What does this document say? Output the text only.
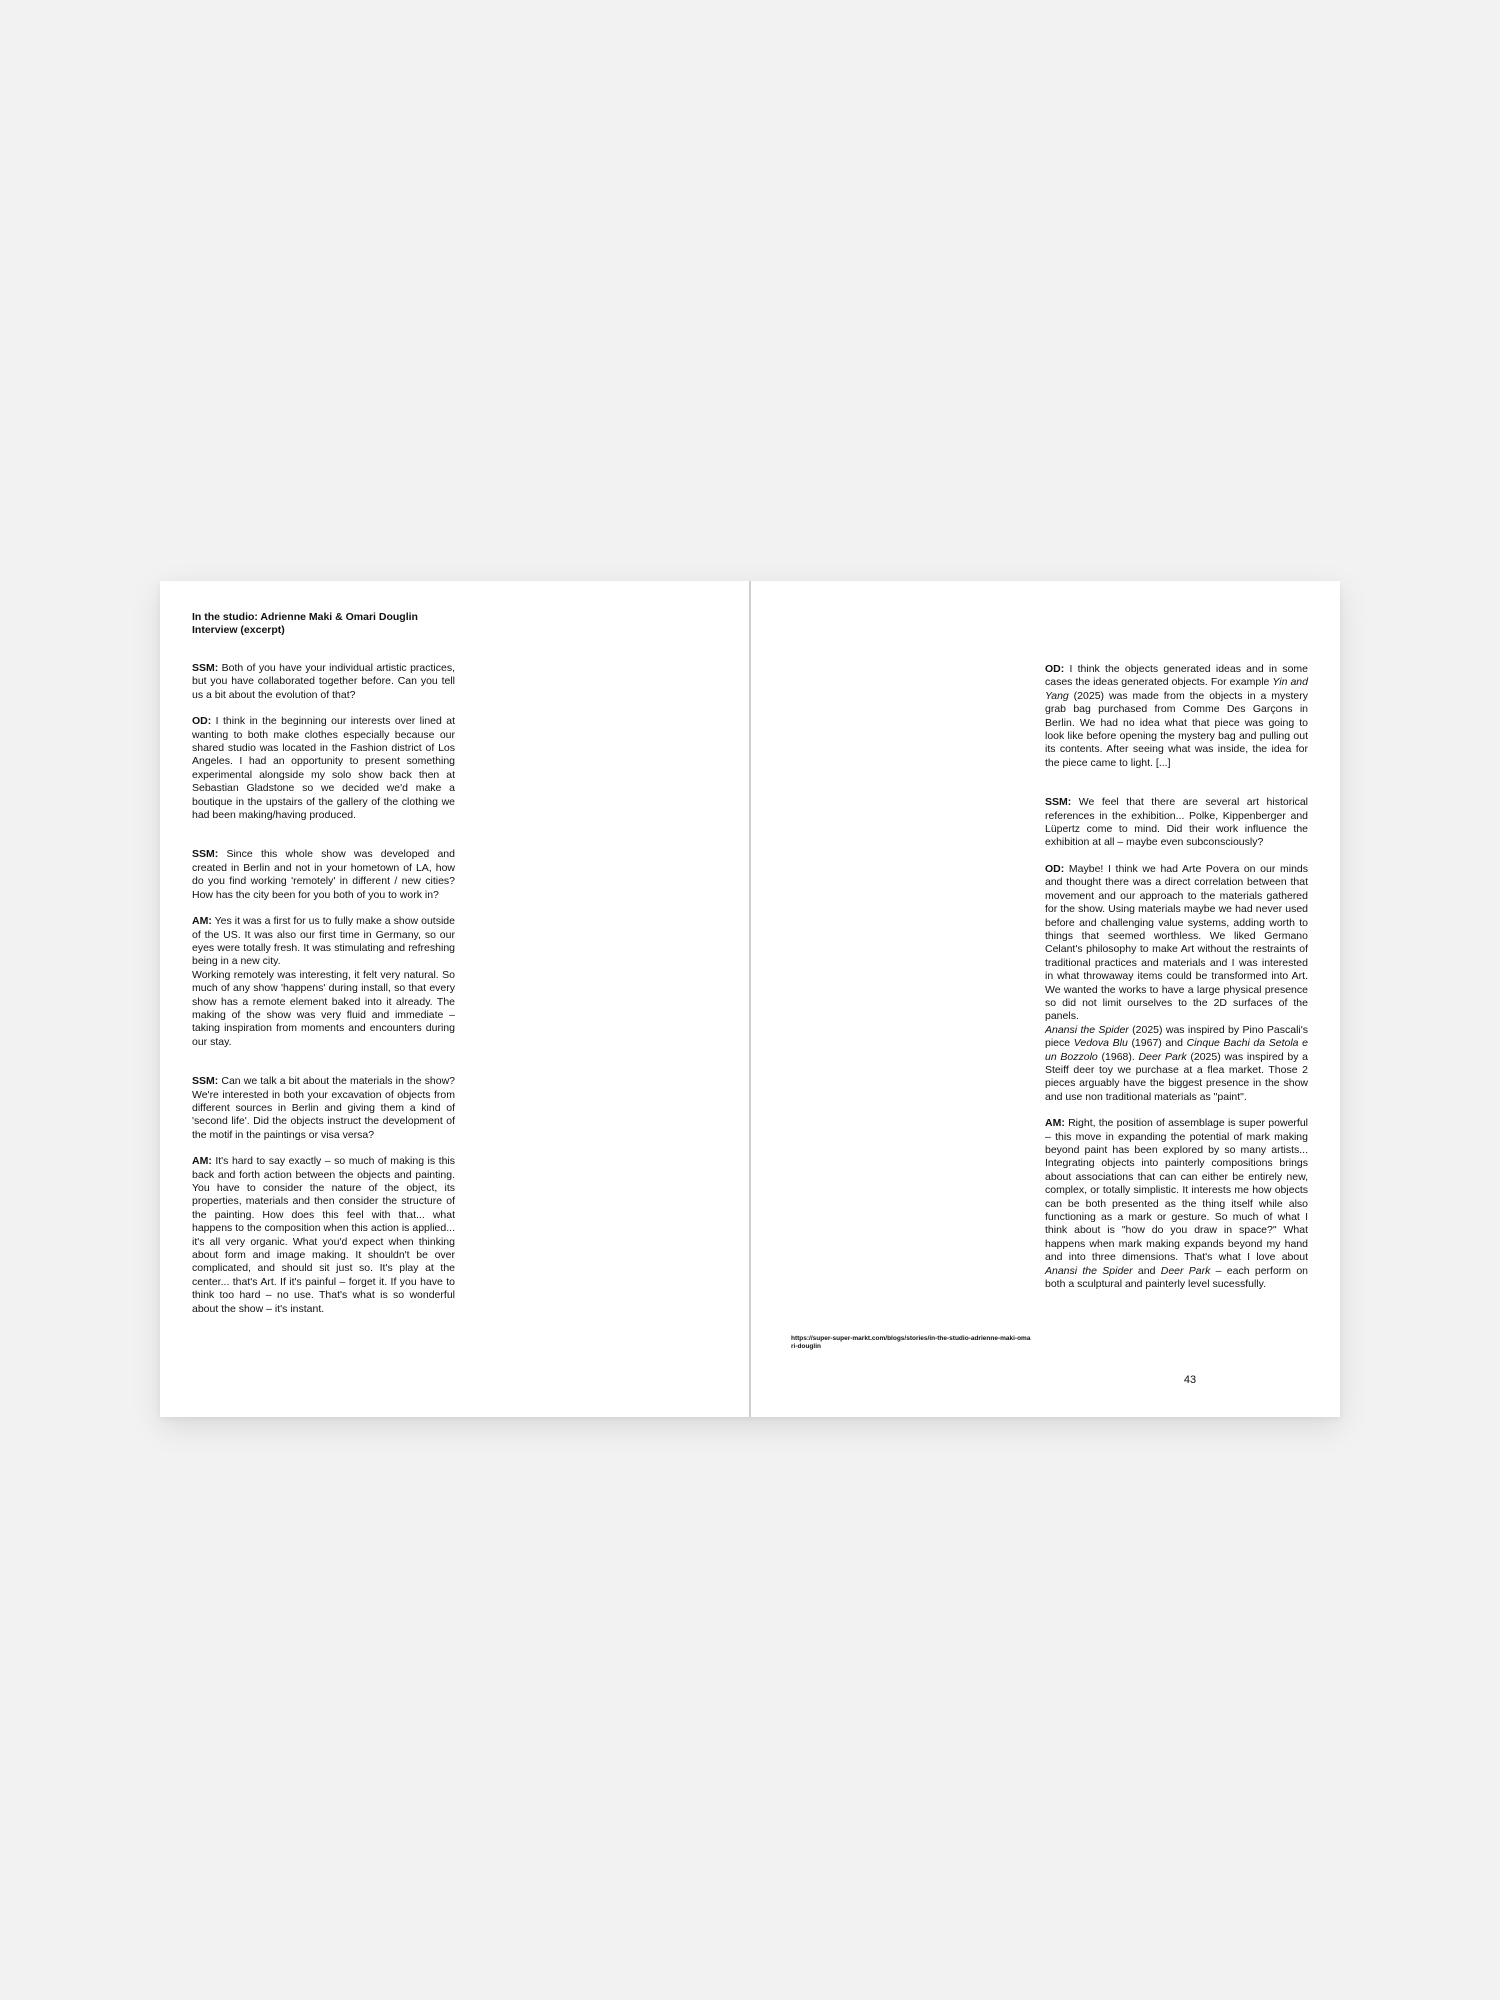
In the studio: Adrienne Maki & Omari Douglin
Interview (excerpt)

SSM: Both of you have your individual artistic practices, but you have collaborated together before. Can you tell us a bit about the evolution of that?

OD: I think in the beginning our interests over lined at wanting to both make clothes especially because our shared studio was located in the Fashion district of Los Angeles. I had an opportunity to present something experimental alongside my solo show back then at Sebastian Gladstone so we decided we'd make a boutique in the upstairs of the gallery of the clothing we had been making/having produced.

SSM: Since this whole show was developed and created in Berlin and not in your hometown of LA, how do you find working 'remotely' in different / new cities? How has the city been for you both of you to work in?

AM: Yes it was a first for us to fully make a show outside of the US. It was also our first time in Germany, so our eyes were totally fresh. It was stimulating and refreshing being in a new city.

Working remotely was interesting, it felt very natural. So much of any show 'happens' during install, so that every show has a remote element baked into it already. The making of the show was very fluid and immediate – taking inspiration from moments and encounters during our stay.

SSM: Can we talk a bit about the materials in the show? We're interested in both your excavation of objects from different sources in Berlin and giving them a kind of 'second life'. Did the objects instruct the development of the motif in the paintings or visa versa?

AM: It's hard to say exactly – so much of making is this back and forth action between the objects and painting. You have to consider the nature of the object, its properties, materials and then consider the structure of the painting. How does this feel with that... what happens to the composition when this action is applied... it's all very organic. What you'd expect when thinking about form and image making. It shouldn't be over complicated, and should sit just so. It's play at the center... that's Art. If it's painful – forget it. If you have to think too hard – no use. That's what is so wonderful about the show – it's instant.

OD: I think the objects generated ideas and in some cases the ideas generated objects. For example Yin and Yang (2025) was made from the objects in a mystery grab bag purchased from Comme Des Garçons in Berlin. We had no idea what that piece was going to look like before opening the mystery bag and pulling out its contents. After seeing what was inside, the idea for the piece came to light. [...]

SSM: We feel that there are several art historical references in the exhibition... Polke, Kippenberger and Lüpertz come to mind. Did their work influence the exhibition at all – maybe even subconsciously?

OD: Maybe! I think we had Arte Povera on our minds and thought there was a direct correlation between that movement and our approach to the materials gathered for the show. Using materials maybe we had never used before and challenging value systems, adding worth to things that seemed worthless. We liked Germano Celant's philosophy to make Art without the restraints of traditional practices and materials and I was interested in what throwaway items could be transformed into Art. We wanted the works to have a large physical presence so did not limit ourselves to the 2D surfaces of the panels.

Anansi the Spider (2025) was inspired by Pino Pascali's piece Vedova Blu (1967) and Cinque Bachi da Setola e un Bozzolo (1968). Deer Park (2025) was inspired by a Steiff deer toy we purchase at a flea market. Those 2 pieces arguably have the biggest presence in the show and use non traditional materials as "paint".

AM: Right, the position of assemblage is super powerful – this move in expanding the potential of mark making beyond paint has been explored by so many artists... Integrating objects into painterly compositions brings about associations that can can either be entirely new, complex, or totally simplistic. It interests me how objects can be both presented as the thing itself while also functioning as a mark or gesture. So much of what I think about is "how do you draw in space?" What happens when mark making expands beyond my hand and into three dimensions. That's what I love about Anansi the Spider and Deer Park – each perform on both a sculptural and painterly level sucessfully.

https://super-super-markt.com/blogs/stories/in-the-studio-adrienne-maki-omari-douglin
43
